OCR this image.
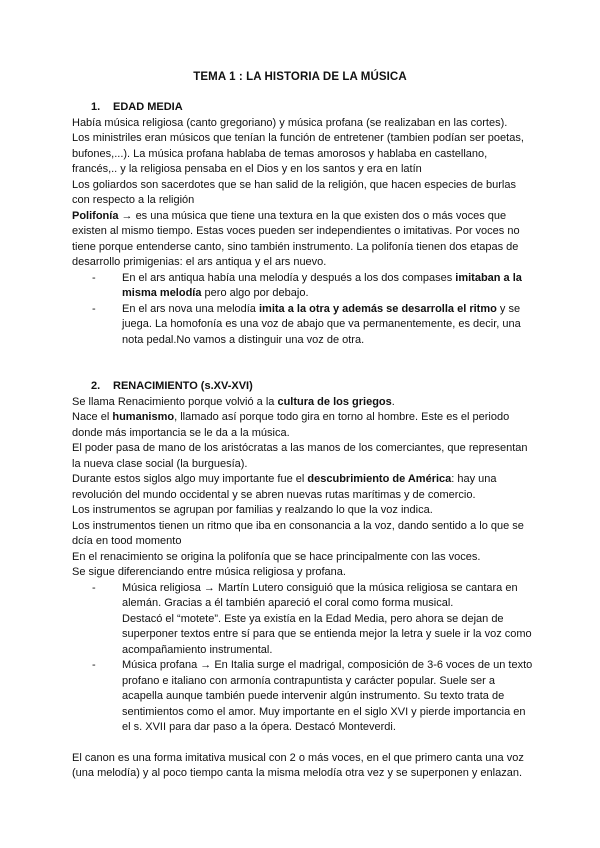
TEMA 1 : LA HISTORIA DE LA MÚSICA
1. EDAD MEDIA

Había música religiosa (canto gregoriano) y música profana (se realizaban en las cortes).

Los ministriles eran músicos que tenían la función de entretener (tambien podían ser poetas, bufones,...). La música profana hablaba de temas amorosos y hablaba en castellano, francés,.. y la religiosa pensaba en el Dios y en los santos y era en latín

Los goliardos son sacerdotes que se han salid de la religión, que hacen especies de burlas con respecto a la religión

Polifonía → es una música que tiene una textura en la que existen dos o más voces que existen al mismo tiempo. Estas voces pueden ser independientes o imitativas. Por voces no tiene porque entenderse canto, sino también instrumento. La polifonía tienen dos etapas de desarrollo primigenias: el ars antiqua y el ars nuevo.

- En el ars antiqua había una melodía y después a los dos compases imitaban a la misma melodía pero algo por debajo.
- En el ars nova una melodía imita a la otra y además se desarrolla el ritmo y se juega. La homofonía es una voz de abajo que va permanentemente, es decir, una nota pedal.No vamos a distinguir una voz de otra.
2. RENACIMIENTO (s.XV-XVI)

Se llama Renacimiento porque volvió a la cultura de los griegos.

Nace el humanismo, llamado así porque todo gira en torno al hombre. Este es el periodo donde más importancia se le da a la música.

El poder pasa de mano de los aristócratas a las manos de los comerciantes, que representan la nueva clase social (la burguesía).

Durante estos siglos algo muy importante fue el descubrimiento de América: hay una revolución del mundo occidental y se abren nuevas rutas marítimas y de comercio.

Los instrumentos se agrupan por familias y realzando lo que la voz indica.

Los instrumentos tienen un ritmo que iba en consonancia a la voz, dando sentido a lo que se dcía en tood momento

En el renacimiento se origina la polifonía que se hace principalmente con las voces.

Se sigue diferenciando entre música religiosa y profana.

- Música religiosa → Martín Lutero consiguió que la música religiosa se cantara en alemán. Gracias a él también apareció el coral como forma musical.
Destacó el “motete”. Este ya existía en la Edad Media, pero ahora se dejan de superponer textos entre sí para que se entienda mejor la letra y suele ir la voz como acompañamiento instrumental.
- Música profana → En Italia surge el madrigal, composición de 3-6 voces de un texto profano e italiano con armonía contrapuntista y carácter popular. Suele ser a acapella aunque también puede intervenir algún instrumento. Su texto trata de sentimientos como el amor. Muy importante en el siglo XVI y pierde importancia en el s. XVII para dar paso a la ópera. Destacó Monteverdi.

El canon es una forma imitativa musical con 2 o más voces, en el que primero canta una voz (una melodía) y al poco tiempo canta la misma melodía otra vez y se superponen y enlazan.
